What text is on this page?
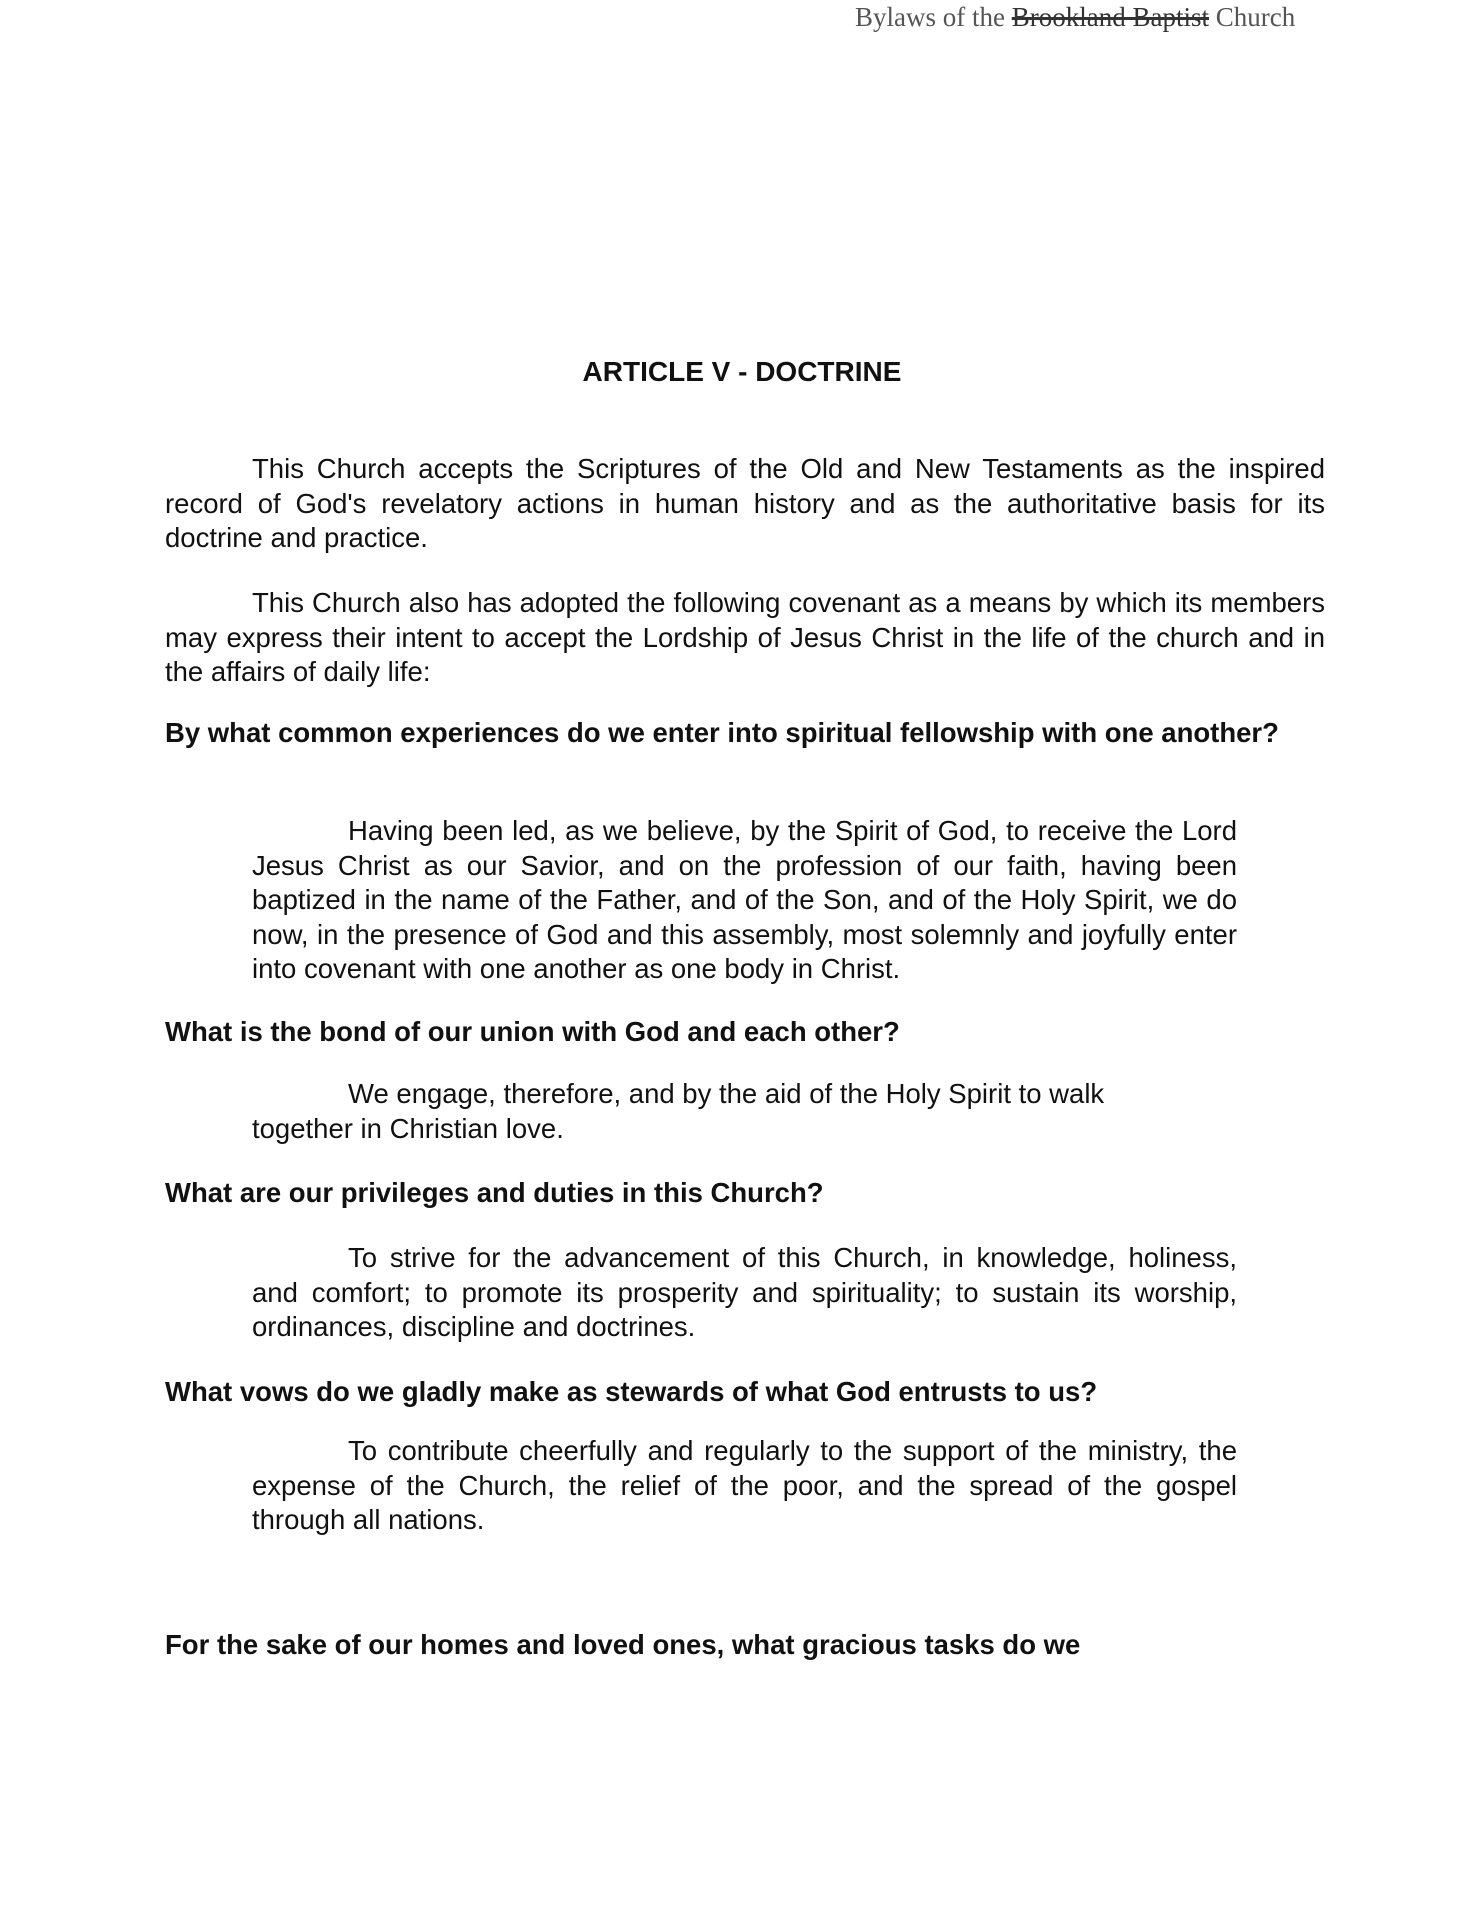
Bylaws of the Brookland Baptist Church
ARTICLE V - DOCTRINE

This Church accepts the Scriptures of the Old and New Testaments as the inspired record of God's revelatory actions in human history and as the authoritative basis for its doctrine and practice.

This Church also has adopted the following covenant as a means by which its members may express their intent to accept the Lordship of Jesus Christ in the life of the church and in the affairs of daily life:

By what common experiences do we enter into spiritual fellowship with one another?

Having been led, as we believe, by the Spirit of God, to receive the Lord Jesus Christ as our Savior, and on the profession of our faith, having been baptized in the name of the Father, and of the Son, and of the Holy Spirit, we do now, in the presence of God and this assembly, most solemnly and joyfully enter into covenant with one another as one body in Christ.

What is the bond of our union with God and each other?

We engage, therefore, and by the aid of the Holy Spirit to walk together in Christian love.

What are our privileges and duties in this Church?

To strive for the advancement of this Church, in knowledge, holiness, and comfort; to promote its prosperity and spirituality; to sustain its worship, ordinances, discipline and doctrines.

What vows do we gladly make as stewards of what God entrusts to us?

To contribute cheerfully and regularly to the support of the ministry, the expense of the Church, the relief of the poor, and the spread of the gospel through all nations.

For the sake of our homes and loved ones, what gracious tasks do we
